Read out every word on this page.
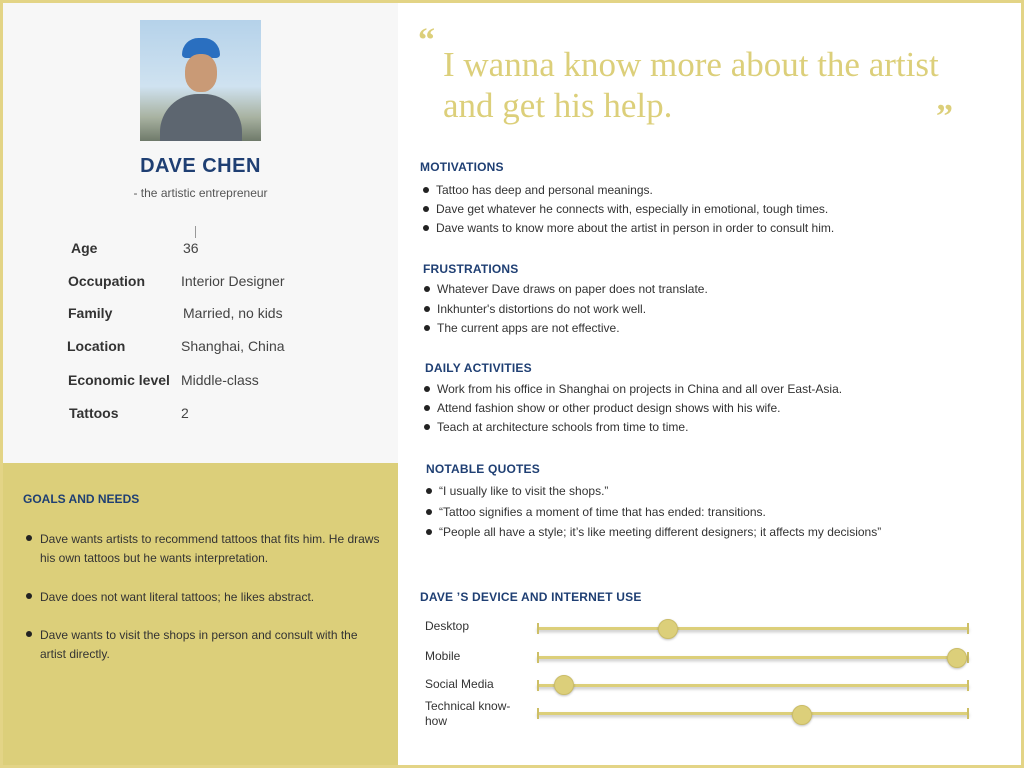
DAVE CHEN
- the artistic entrepreneur
Age	36
Occupation	Interior Designer
Family	Married, no kids
Location	Shanghai, China
Economic level Middle-class
Tattoos	2
GOALS AND NEEDS
Dave wants artists to recommend tattoos that fits him. He draws his own tattoos but he wants interpretation.
Dave does not want literal tattoos; he likes abstract.
Dave wants to visit the shops in person and consult with the artist directly.
“
I wanna know more about the artist and get his help.	”
MOTIVATIONS
Tattoo has deep and personal meanings.
Dave get whatever he connects with, especially in emotional, tough times.
Dave wants to know more about the artist in person in order to consult him.
FRUSTRATIONS
Whatever Dave draws on paper does not translate.
Inkhunter's distortions do not work well.
The current apps are not effective.
DAILY ACTIVITIES
Work from his office in Shanghai on projects in China and all over East-Asia.
Attend fashion show or other product design shows with his wife.
Teach at architecture schools from time to time.
NOTABLE QUOTES
“I usually like to visit the shops.”
“Tattoo signifies a moment of time that has ended: transitions.
“People all have a style; it’s like meeting different designers; it affects my decisions”
DAVE ’S DEVICE AND INTERNET USE
Desktop
Mobile
Social Media
Technical know-how
